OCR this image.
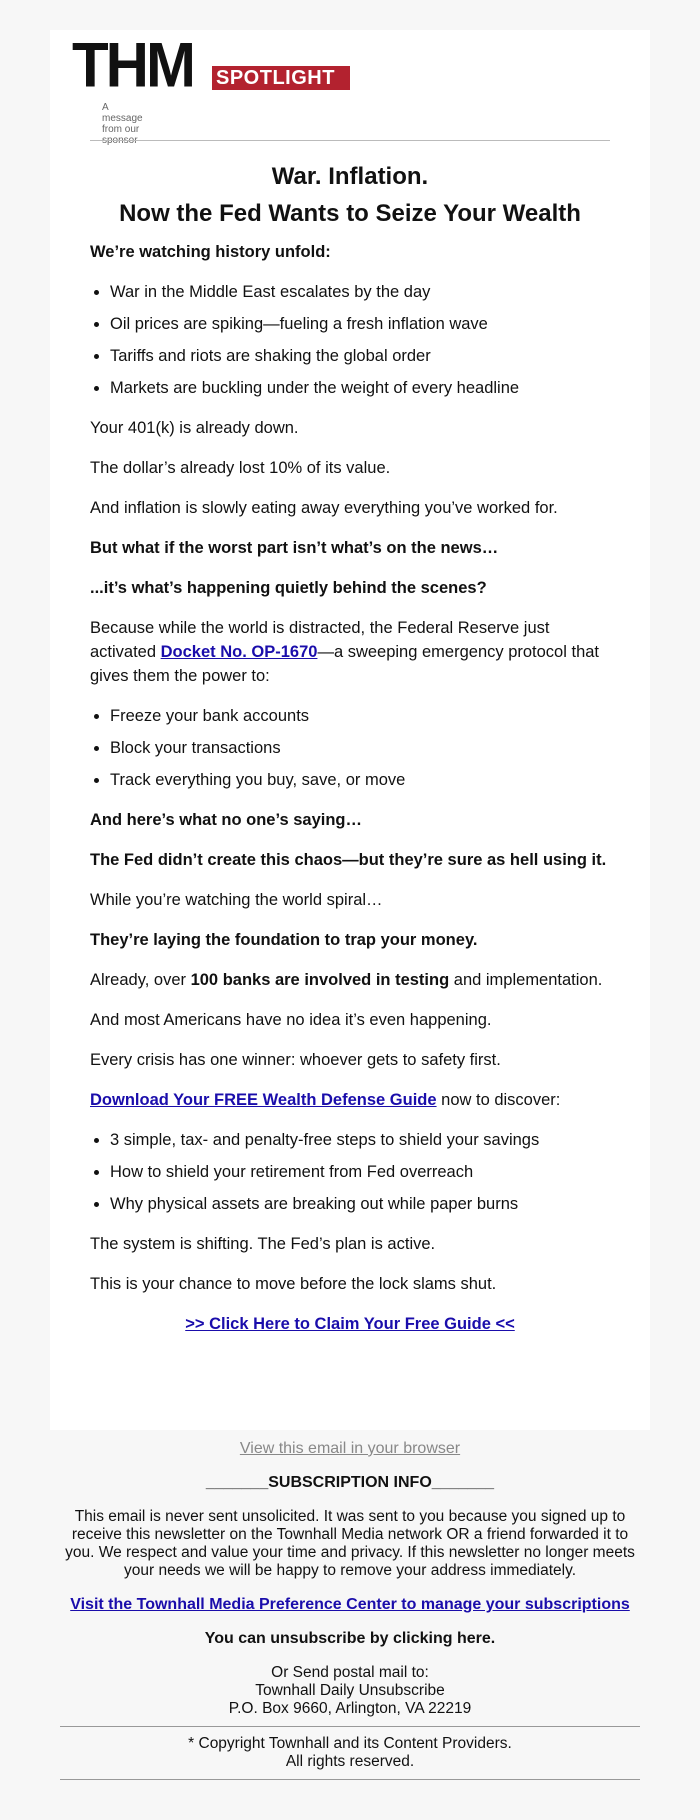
THM SPOTLIGHT
A message from our
War. Inflation.
Now the Fed Wants to Seize Your Wealth

We’re watching history unfold:

• War in the Middle East escalates by the day
• Oil prices are spiking—fueling a fresh inflation wave
• Tariffs and riots are shaking the global order
• Markets are buckling under the weight of every headline

Your 401(k) is already down.

The dollar’s already lost 10% of its value.

And inflation is slowly eating away everything you’ve worked for.

But what if the worst part isn’t what’s on the news…

...it’s what’s happening quietly behind the scenes?

Because while the world is distracted, the Federal Reserve just activated Docket No. OP-1670—a sweeping emergency protocol that gives them the power to:

• Freeze your bank accounts
• Block your transactions
• Track everything you buy, save, or move

And here’s what no one’s saying…

The Fed didn’t create this chaos—but they’re sure as hell using it.

While you’re watching the world spiral…

They’re laying the foundation to trap your money.

Already, over 100 banks are involved in testing and implementation.

And most Americans have no idea it’s even happening.

Every crisis has one winner: whoever gets to safety first.

Download Your FREE Wealth Defense Guide now to discover:

• 3 simple, tax- and penalty-free steps to shield your savings
• How to shield your retirement from Fed overreach
• Why physical assets are breaking out while paper burns

The system is shifting. The Fed’s plan is active.

This is your chance to move before the lock slams shut.

>> Click Here to Claim Your Free Guide <<

View this email in your browser
_______SUBSCRIPTION INFO_______

This email is never sent unsolicited. It was sent to you because you signed up to receive this newsletter on the Townhall Media network OR a friend forwarded it to you. We respect and value your time and privacy. If this newsletter no longer meets your needs we will be happy to remove your address immediately.

Visit the Townhall Media Preference Center to manage your subscriptions

You can unsubscribe by clicking here.

Or Send postal mail to:
Townhall Daily Unsubscribe
P.O. Box 9660, Arlington, VA 22219

* Copyright Townhall and its Content Providers.
All rights reserved.
